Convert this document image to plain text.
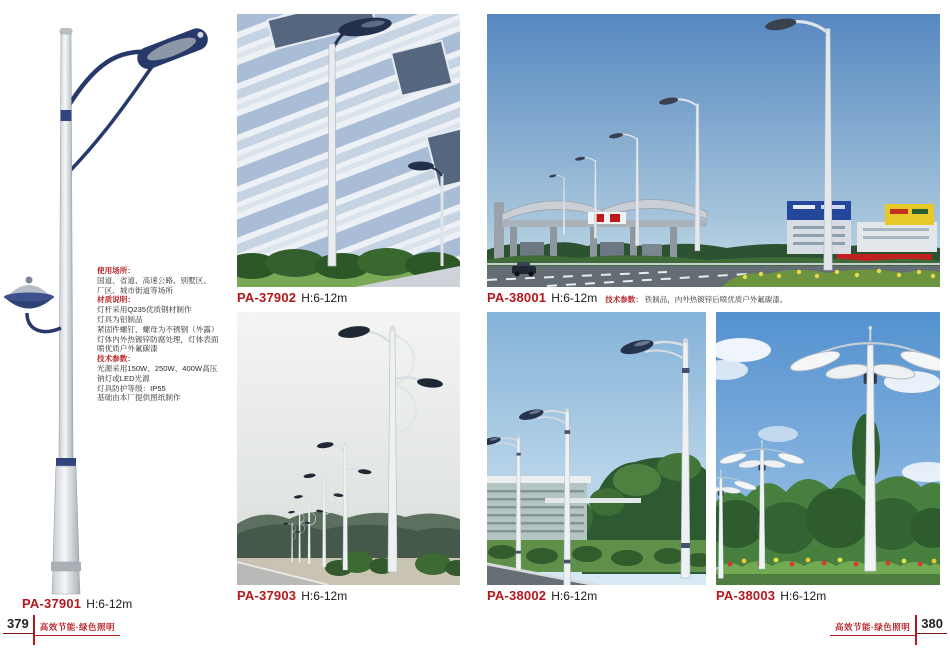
使用场所：
国道、省道、高速公路、别墅区、
厂区、城市街道等场所
材质说明：
灯杆采用Q235优质钢材制作
灯具为铝制品
紧固件螺钉、螺母为不锈钢（外露）
灯体内外热镀锌防腐处理，灯体表面
喷优质户外氟碳漆
技术参数：
光源采用150W、250W、400W高压
钠灯或LED光源
灯具防护等级：IP55
基础由本厂提供图纸制作
PA-37901 H:6-12m
PA-37902 H:6-12m
PA-37903 H:6-12m
PA-38001 H:6-12m 技术参数： 铁制品，内外热镀锌后喷优质户外氟碳漆。
PA-38002 H:6-12m	PA-38003 H:6-12m
379	高效节能·绿色照明	高效节能·绿色照明 380
